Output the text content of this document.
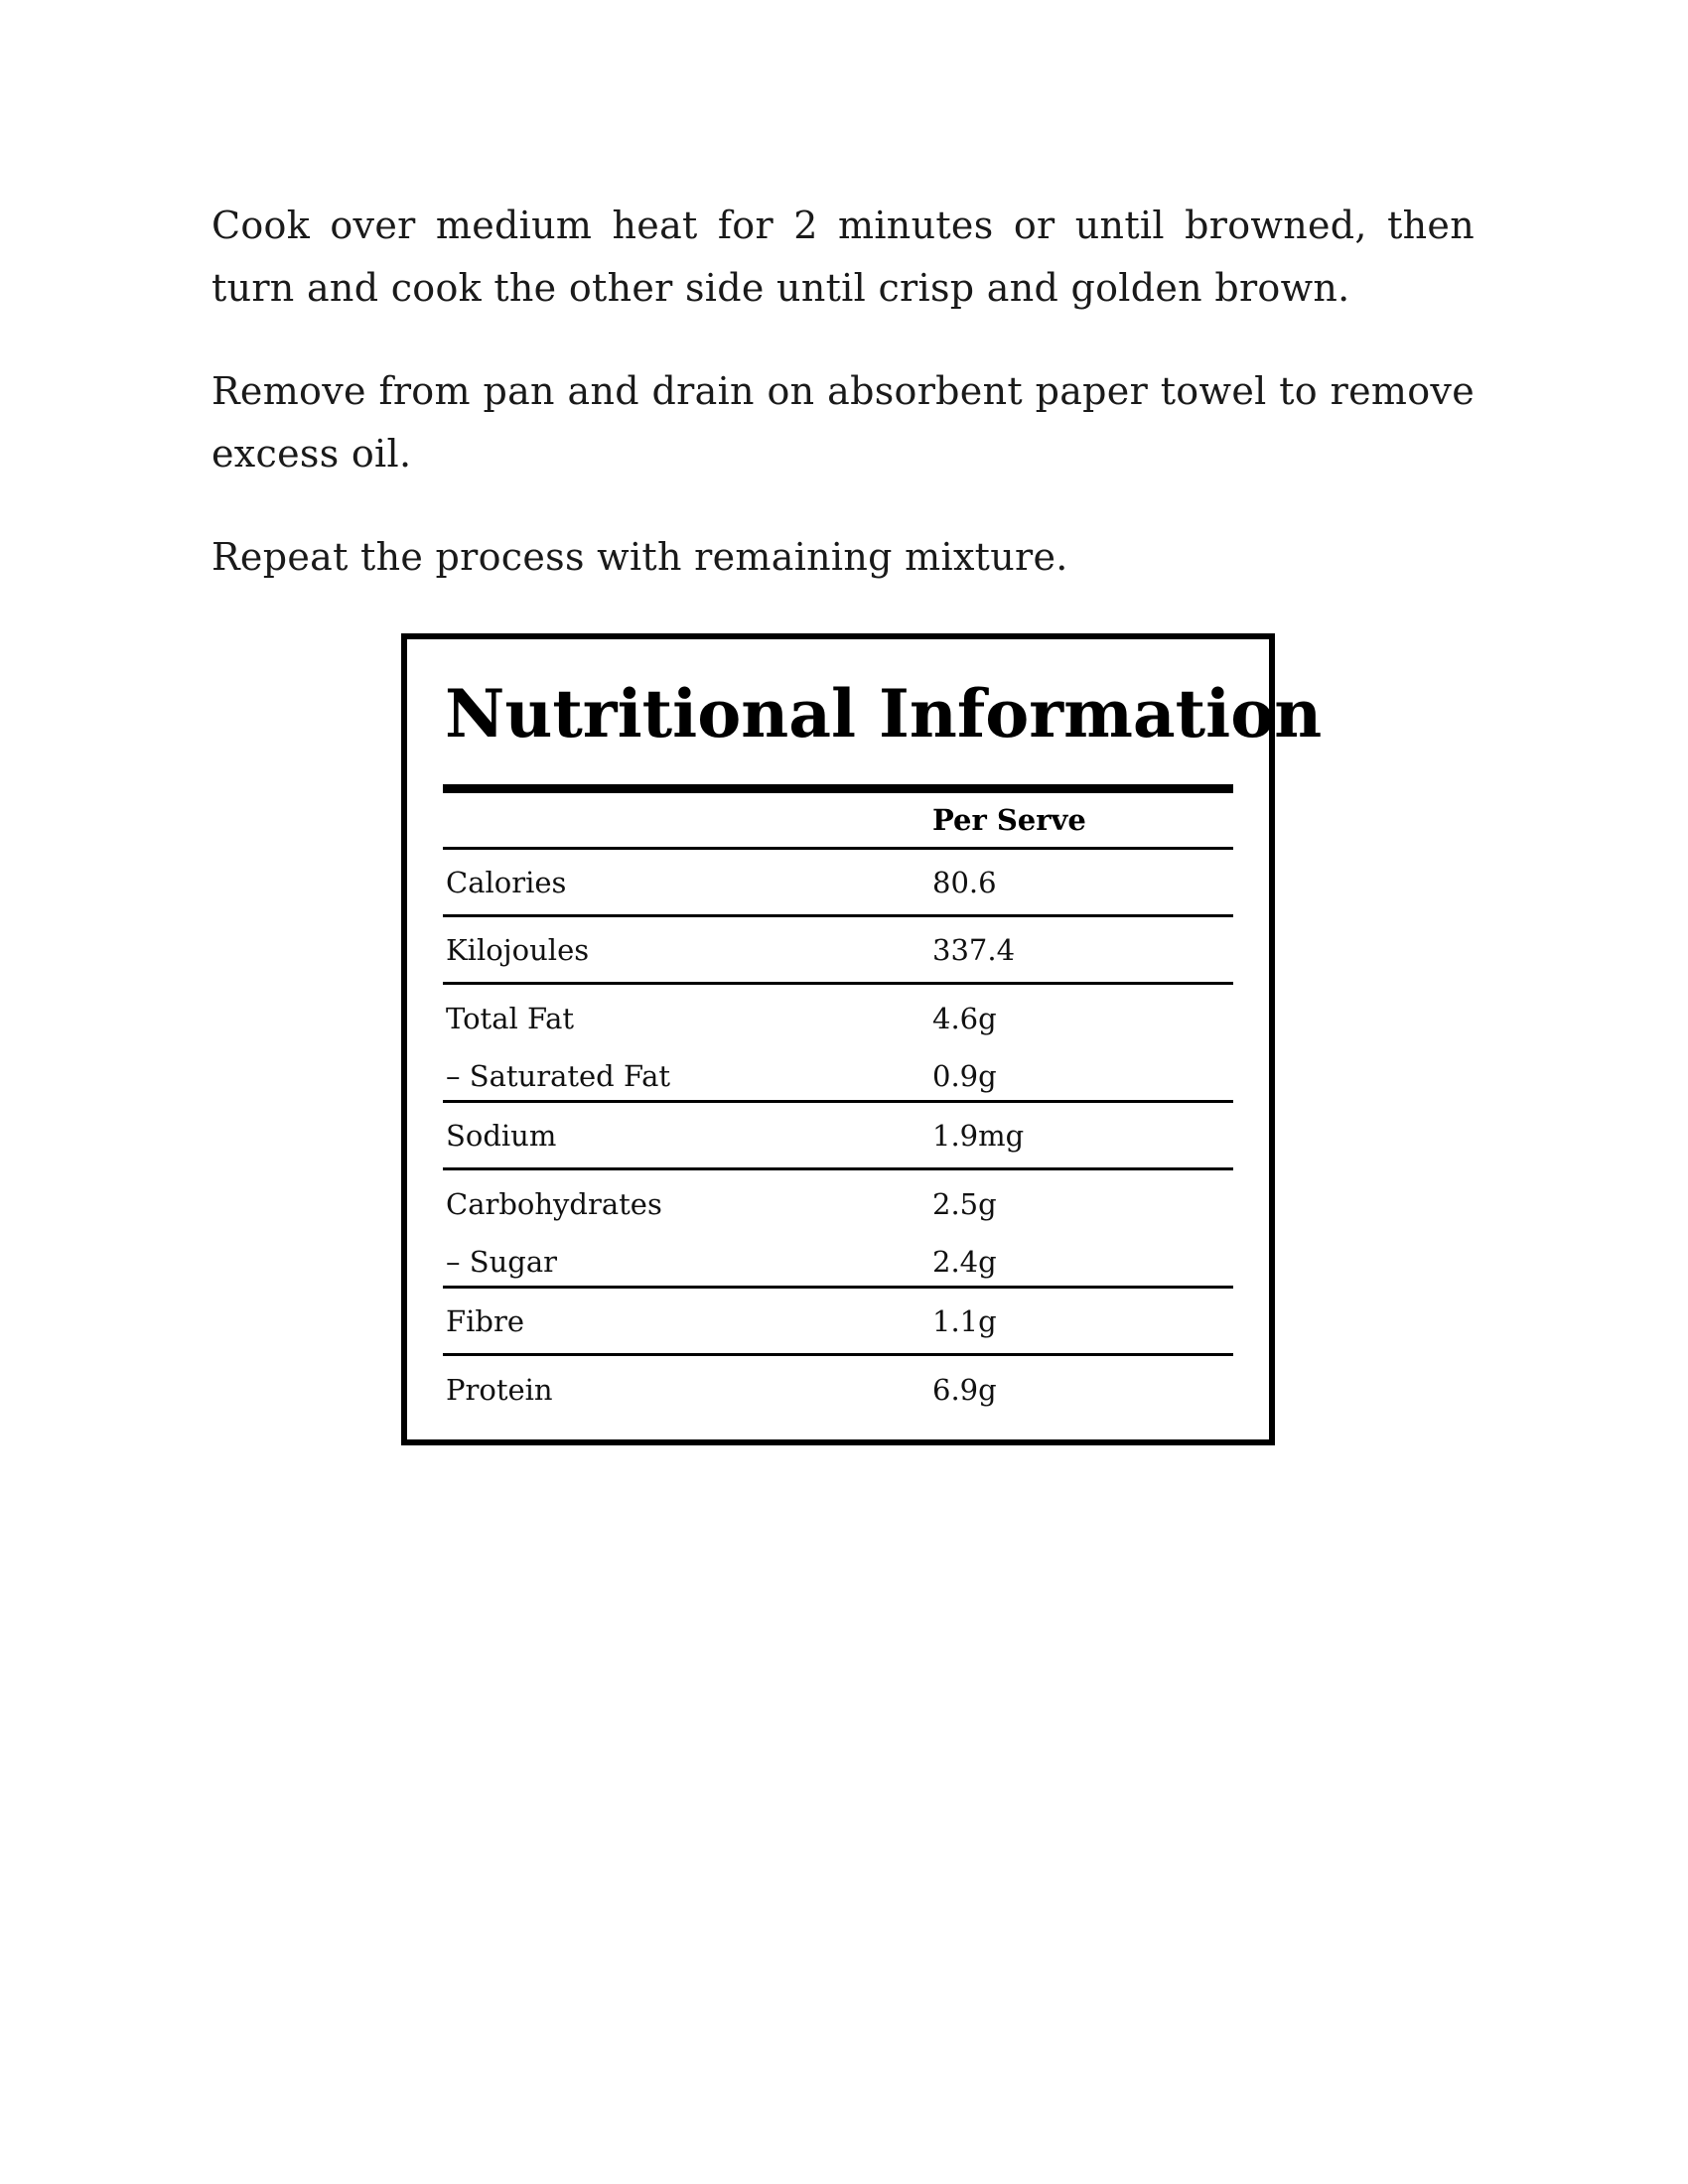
Cook over medium heat for 2 minutes or until browned, then turn and cook the other side until crisp and golden brown.

Remove from pan and drain on absorbent paper towel to remove excess oil.

Repeat the process with remaining mixture.

Nutritional Information
Per Serve
Calories	80.6
Kilojoules	337.4
Total Fat	4.6g
– Saturated Fat	0.9g
Sodium	1.9mg
Carbohydrates	2.5g
– Sugar	2.4g
Fibre	1.1g
Protein	6.9g
